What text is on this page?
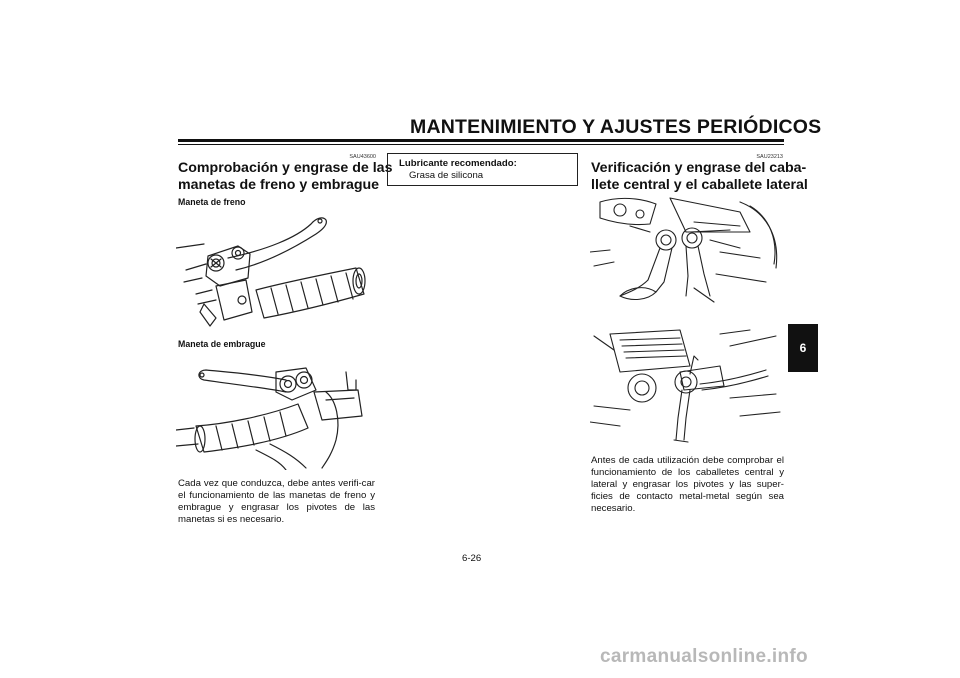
MANTENIMIENTO Y AJUSTES PERIÓDICOS
SAU43600
Comprobación y engrase de las
manetas de freno y embrague
Maneta de freno
Maneta de embrague
Cada vez que conduzca, debe antes verifi-car el funcionamiento de las manetas de freno y embrague y engrasar los pivotes de las manetas si es necesario.
Lubricante recomendado:
Grasa de silicona
SAU23213
Verificación y engrase del caba-
llete central y el caballete lateral
Antes de cada utilización debe comprobar el funcionamiento de los caballetes central y lateral y engrasar los pivotes y las super-ficies de contacto metal-metal según sea necesario.
6-26
6
carmanualsonline.info
